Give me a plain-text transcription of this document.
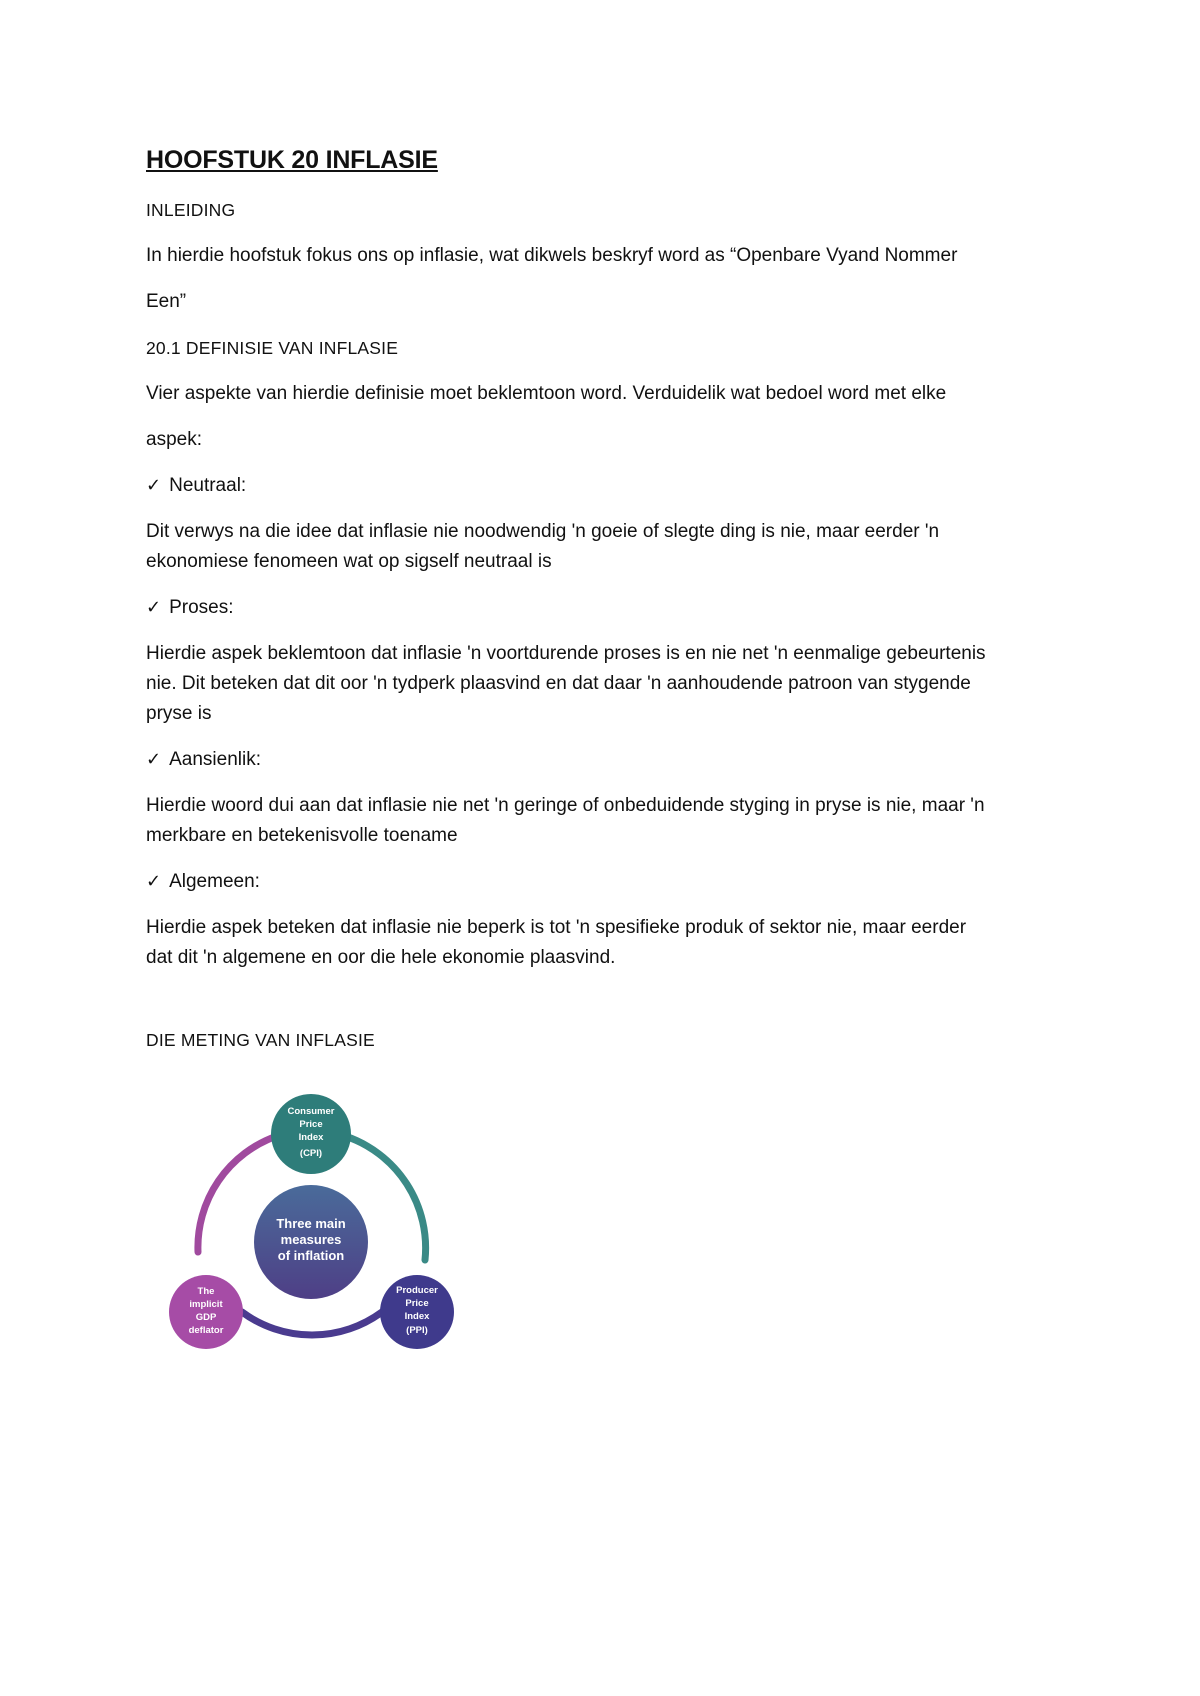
HOOFSTUK 20 INFLASIE

INLEIDING

In hierdie hoofstuk fokus ons op inflasie, wat dikwels beskryf word as “Openbare Vyand Nommer

Een”

20.1 DEFINISIE VAN INFLASIE

Vier aspekte van hierdie definisie moet beklemtoon word. Verduidelik wat bedoel word met elke

aspek:

✓ Neutraal:

Dit verwys na die idee dat inflasie nie noodwendig 'n goeie of slegte ding is nie, maar eerder 'n

ekonomiese fenomeen wat op sigself neutraal is

✓ Proses:

Hierdie aspek beklemtoon dat inflasie 'n voortdurende proses is en nie net 'n eenmalige gebeurtenis

nie. Dit beteken dat dit oor 'n tydperk plaasvind en dat daar 'n aanhoudende patroon van stygende

pryse is

✓ Aansienlik:

Hierdie woord dui aan dat inflasie nie net 'n geringe of onbeduidende styging in pryse is nie, maar 'n

merkbare en betekenisvolle toename

✓ Algemeen:

Hierdie aspek beteken dat inflasie nie beperk is tot 'n spesifieke produk of sektor nie, maar eerder

dat dit 'n algemene en oor die hele ekonomie plaasvind.

DIE METING VAN INFLASIE

Three main
measures
of inflation
Consumer
Price
Index
(CPI)
Producer
Price
Index
(PPI)
The
implicit
GDP
deflator
